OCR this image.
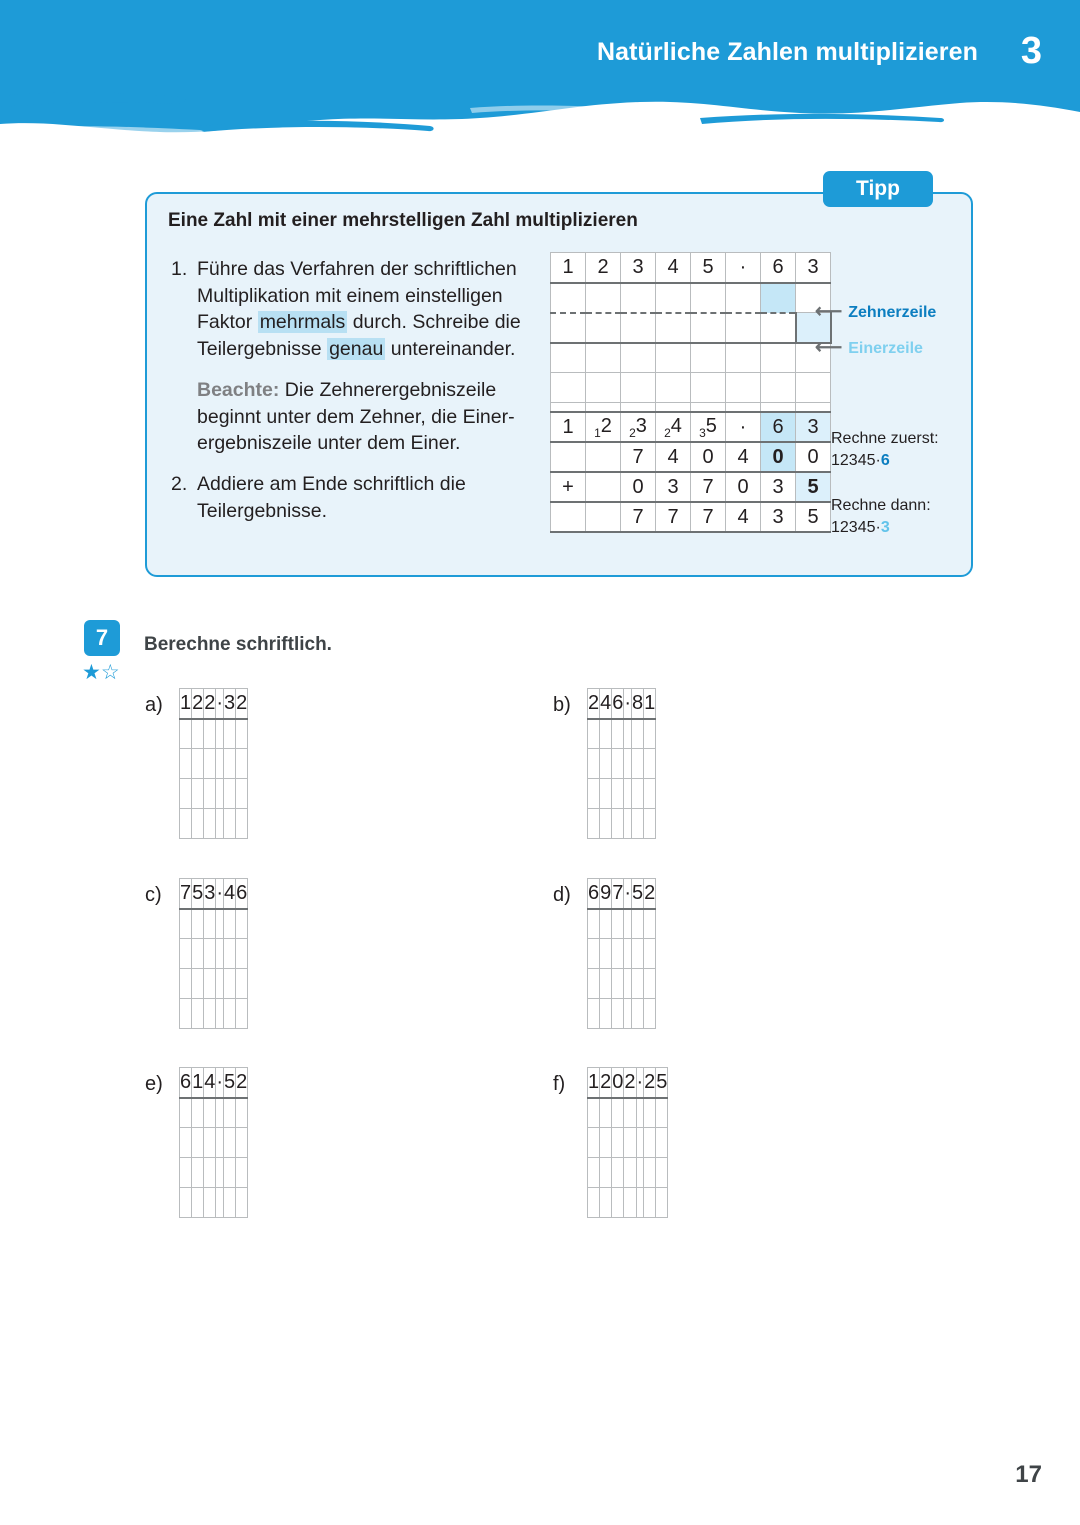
Natürliche Zahlen multiplizieren 3
Tipp
Eine Zahl mit einer mehrstelligen Zahl multiplizieren
1. Führe das Verfahren der schriftlichen Multiplikation mit einem einstelligen Faktor mehrmals durch. Schreibe die Teilergebnisse genau untereinander.
Beachte: Die Zehnerergebniszeile beginnt unter dem Zehner, die Einerergebniszeile unter dem Einer.
2. Addiere am Ende schriftlich die Teilergebnisse.
1	2	3	4	5	·	6	3

1	$_1$2	$_2$3	$_2$4	$_3$5	·	6	3
		7	4	0	4	0	0
+		0	3	7	0	3	5
		7	7	7	4	3	5
⟵ Zehnerzeile
⟵ Einerzeile
Rechne zuerst:
12345·6
Rechne dann:
12345·3
7
★☆
Berechne schriftlich.
a) 1	2	2	·	3	2

						b) 2	4	6	·	8	1

c) 7	5	3	·	4	6

						d) 6	9	7	·	5	2

e) 6	1	4	·	5	2

						f) 1	2	0	2	·	2	5

17
